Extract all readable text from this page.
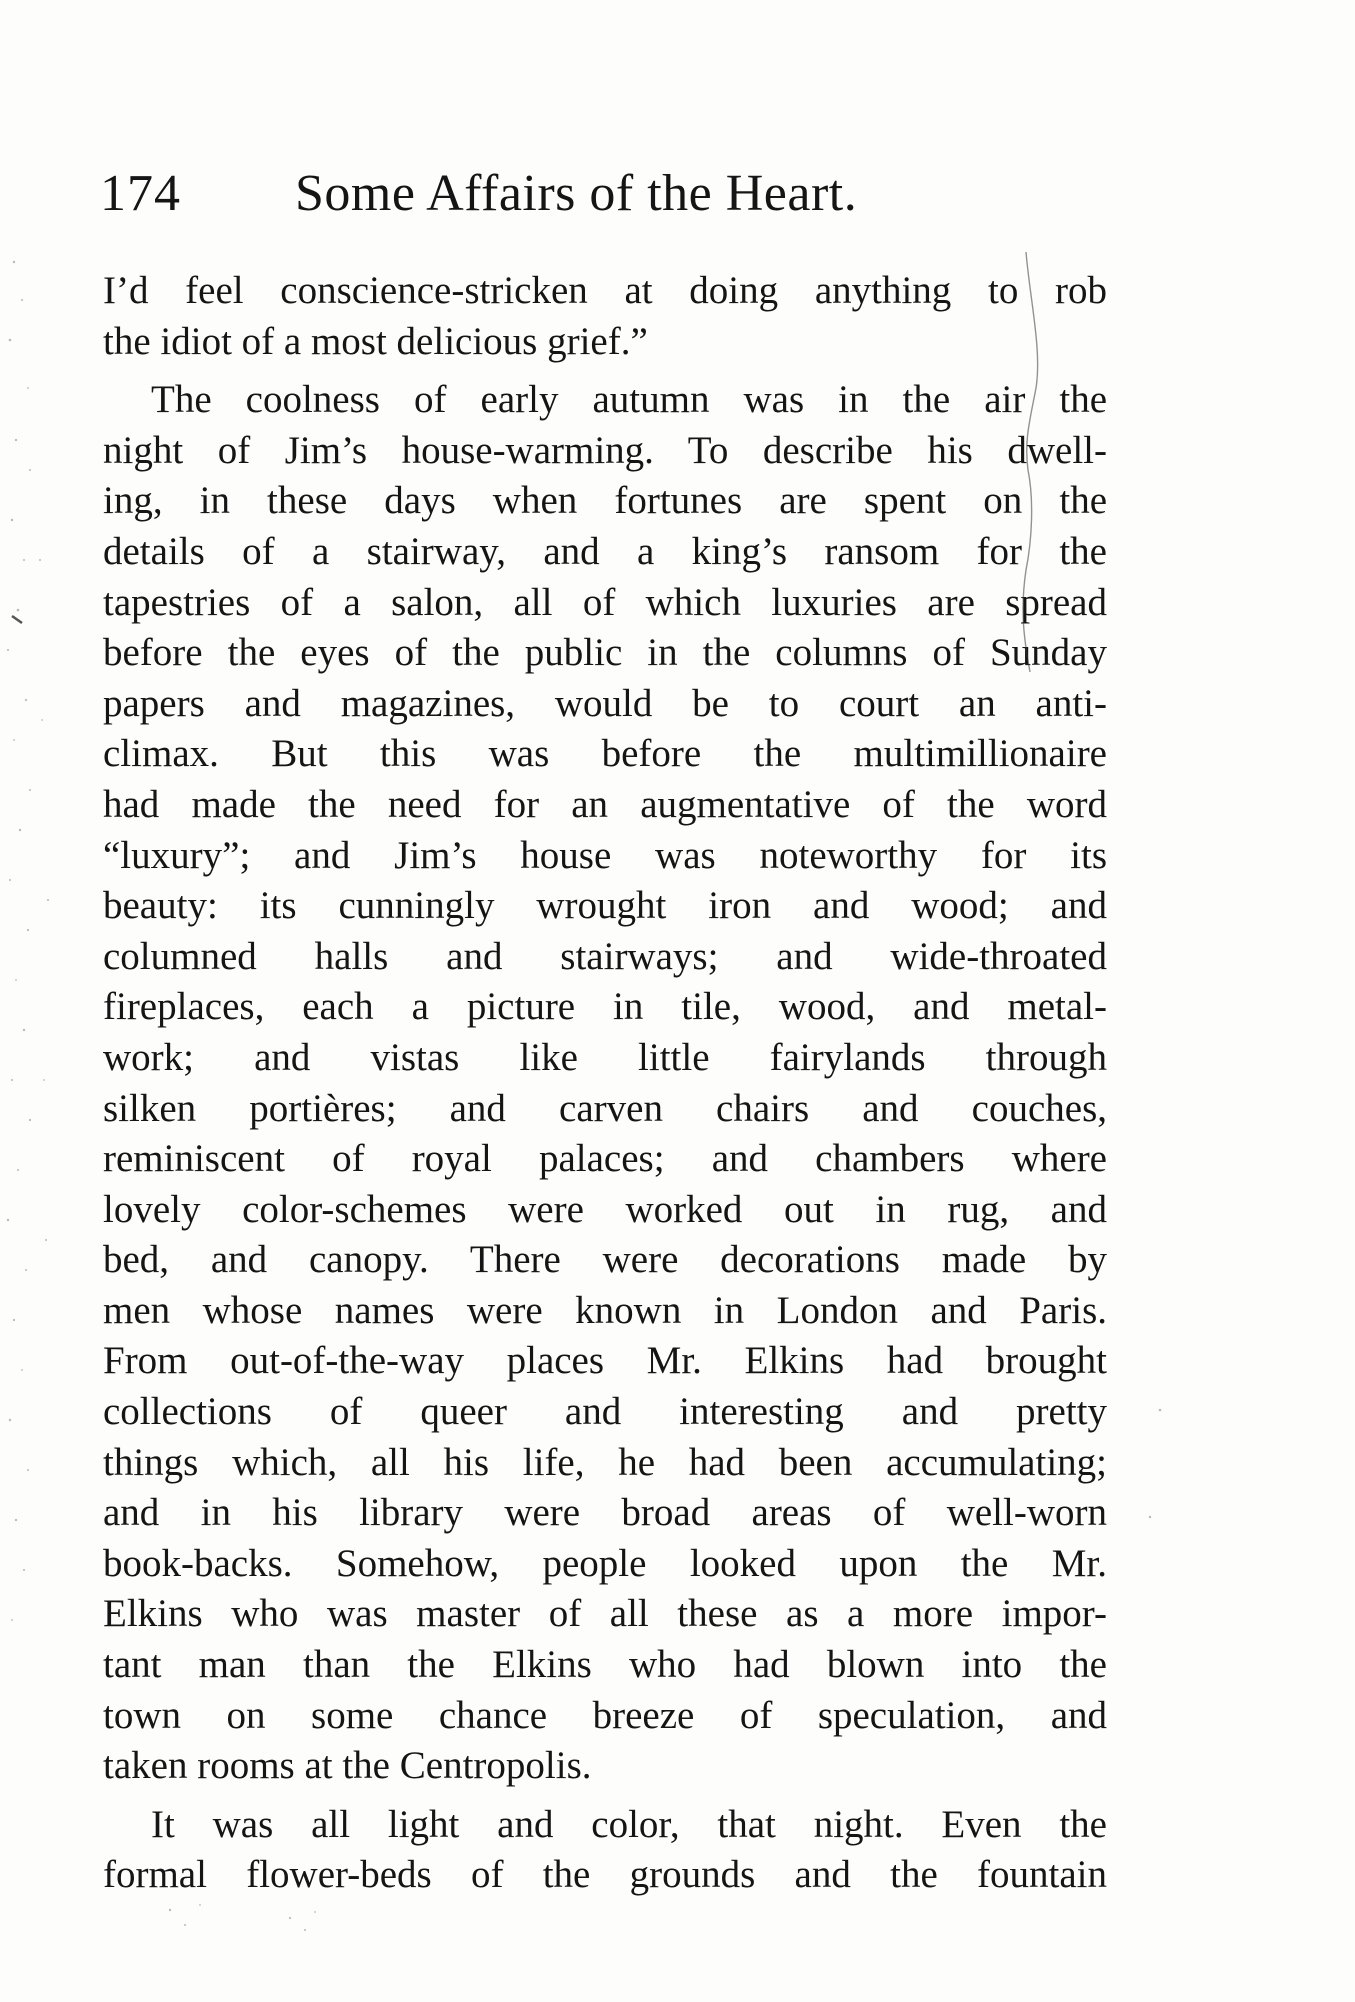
174 Some Affairs of the Heart.

I’d feel conscience-stricken at doing anything to rob
the idiot of a most delicious grief.”

The coolness of early autumn was in the air the
night of Jim’s house-warming. To describe his dwell-
ing, in these days when fortunes are spent on the
details of a stairway, and a king’s ransom for the
tapestries of a salon, all of which luxuries are spread
before the eyes of the public in the columns of Sunday
papers and magazines, would be to court an anti-
climax. But this was before the multimillionaire
had made the need for an augmentative of the word
“luxury”; and Jim’s house was noteworthy for its
beauty: its cunningly wrought iron and wood; and
columned halls and stairways; and wide-throated
fireplaces, each a picture in tile, wood, and metal-
work; and vistas like little fairylands through
silken portières; and carven chairs and couches,
reminiscent of royal palaces; and chambers where
lovely color-schemes were worked out in rug, and
bed, and canopy. There were decorations made by
men whose names were known in London and Paris.
From out-of-the-way places Mr. Elkins had brought
collections of queer and interesting and pretty
things which, all his life, he had been accumulating;
and in his library were broad areas of well-worn
book-backs. Somehow, people looked upon the Mr.
Elkins who was master of all these as a more impor-
tant man than the Elkins who had blown into the
town on some chance breeze of speculation, and
taken rooms at the Centropolis.

It was all light and color, that night. Even the
formal flower-beds of the grounds and the fountain
